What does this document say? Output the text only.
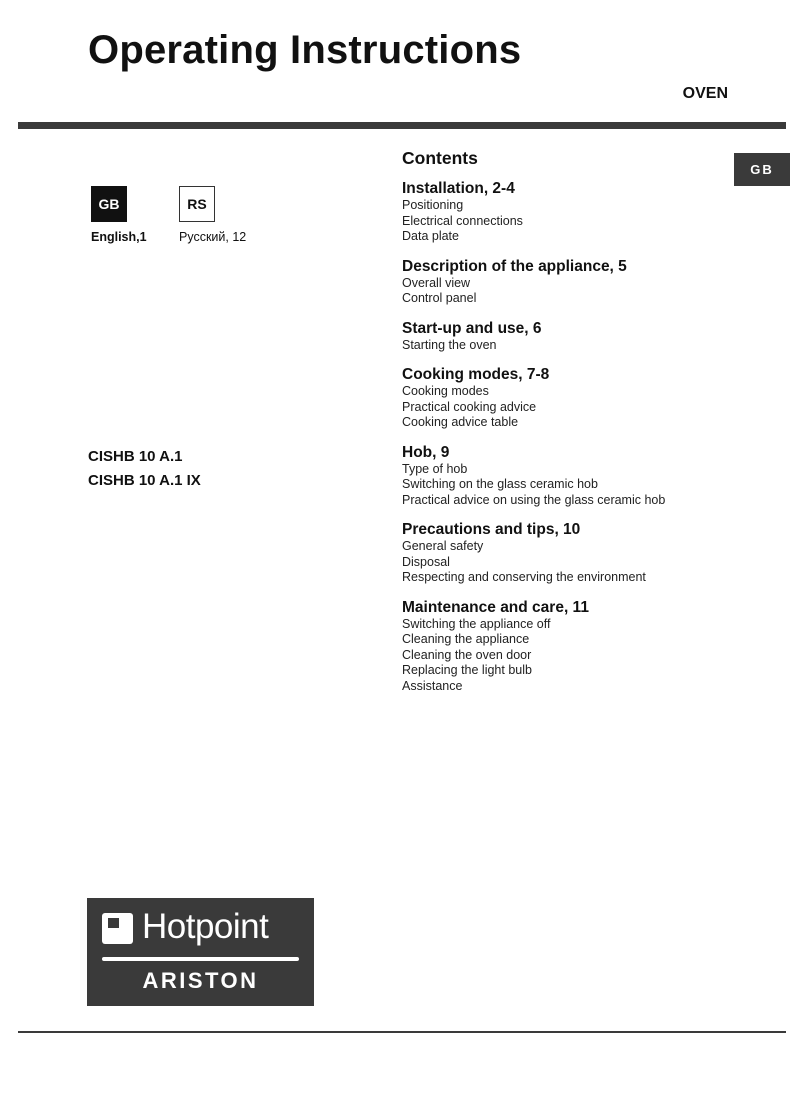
Operating Instructions
OVEN
GB
GB	RS
English,1	Русский, 12
CISHB 10 A.1
CISHB 10 A.1 IX
Contents
Installation, 2-4
Positioning
Electrical connections
Data plate
Description of the appliance, 5
Overall view
Control panel
Start-up and use, 6
Starting the oven
Cooking modes, 7-8
Cooking modes
Practical cooking advice
Cooking advice table
Hob, 9
Type of hob
Switching on the glass ceramic hob
Practical advice on using the glass ceramic hob
Precautions and tips, 10
General safety
Disposal
Respecting and conserving the environment
Maintenance and care, 11
Switching the appliance off
Cleaning the appliance
Cleaning the oven door
Replacing the light bulb
Assistance
Hotpoint
ARISTON
